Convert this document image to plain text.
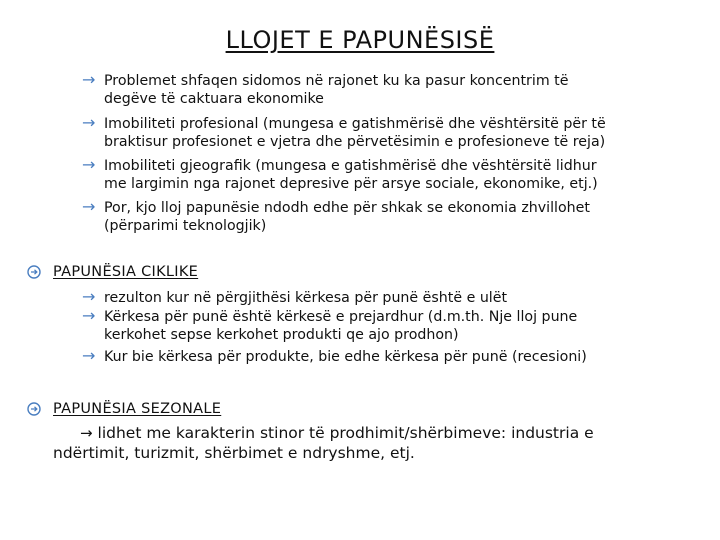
LLOJET E PAPUNËSISË
→ Problemet shfaqen sidomos në rajonet ku ka pasur koncentrim të
degëve të caktuara ekonomike
→ Imobiliteti profesional (mungesa e gatishmërisë dhe vështërsitë për të
braktisur profesionet e vjetra dhe përvetësimin e profesioneve të reja)
→ Imobiliteti gjeografik (mungesa e gatishmërisë dhe vështërsitë lidhur
me largimin nga rajonet depresive për arsye sociale, ekonomike, etj.)
→ Por, kjo lloj papunësie ndodh edhe për shkak se ekonomia zhvillohet
(përparimi teknologjik)
PAPUNËSIA CIKLIKE
→ rezulton kur në përgjithësi kërkesa për punë është e ulët
→ Kërkesa për punë është kërkesë e prejardhur (d.m.th. Nje lloj pune
kerkohet sepse kerkohet produkti qe ajo prodhon)
→ Kur bie kërkesa për produkte, bie edhe kërkesa për punë (recesioni)
PAPUNËSIA SEZONALE
→ lidhet me karakterin stinor të prodhimit/shërbimeve: industria e
ndërtimit, turizmit, shërbimet e ndryshme, etj.
